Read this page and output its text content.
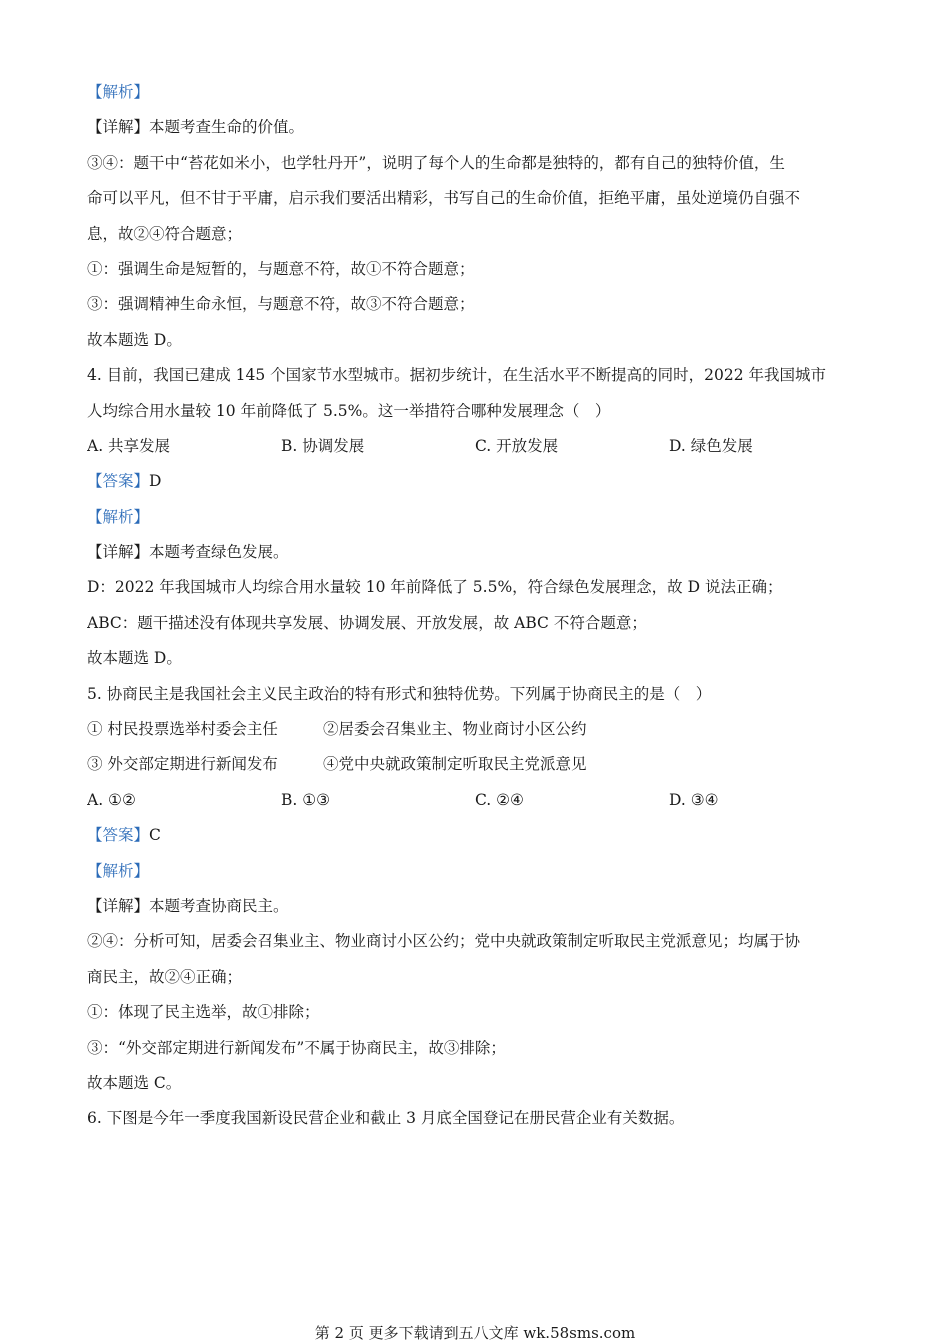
【解析】
【详解】本题考查生命的价值。
③④：题干中“苔花如米小，也学牡丹开”，说明了每个人的生命都是独特的，都有自己的独特价值，生
命可以平凡，但不甘于平庸，启示我们要活出精彩，书写自己的生命价值，拒绝平庸，虽处逆境仍自强不
息，故②④符合题意；
①：强调生命是短暂的，与题意不符，故①不符合题意；
③：强调精神生命永恒，与题意不符，故③不符合题意；
故本题选 D。
4. 目前，我国已建成 145 个国家节水型城市。据初步统计，在生活水平不断提高的同时，2022 年我国城市
人均综合用水量较 10 年前降低了 5.5%。这一举措符合哪种发展理念（　）
A. 共享发展	B. 协调发展	C. 开放发展	D. 绿色发展
【答案】D
【解析】
【详解】本题考查绿色发展。
D：2022 年我国城市人均综合用水量较 10 年前降低了 5.5%，符合绿色发展理念，故 D 说法正确；
ABC：题干描述没有体现共享发展、协调发展、开放发展，故 ABC 不符合题意；
故本题选 D。
5. 协商民主是我国社会主义民主政治的特有形式和独特优势。下列属于协商民主的是（　）
① 村民投票选举村委会主任	②居委会召集业主、物业商讨小区公约
③ 外交部定期进行新闻发布	④党中央就政策制定听取民主党派意见
A. ①②	B. ①③	C. ②④	D. ③④
【答案】C
【解析】
【详解】本题考查协商民主。
②④：分析可知，居委会召集业主、物业商讨小区公约；党中央就政策制定听取民主党派意见；均属于协
商民主，故②④正确；
①：体现了民主选举，故①排除；
③：“外交部定期进行新闻发布”不属于协商民主，故③排除；
故本题选 C。
6. 下图是今年一季度我国新设民营企业和截止 3 月底全国登记在册民营企业有关数据。
第 2 页 更多下载请到五八文库 wk.58sms.com
